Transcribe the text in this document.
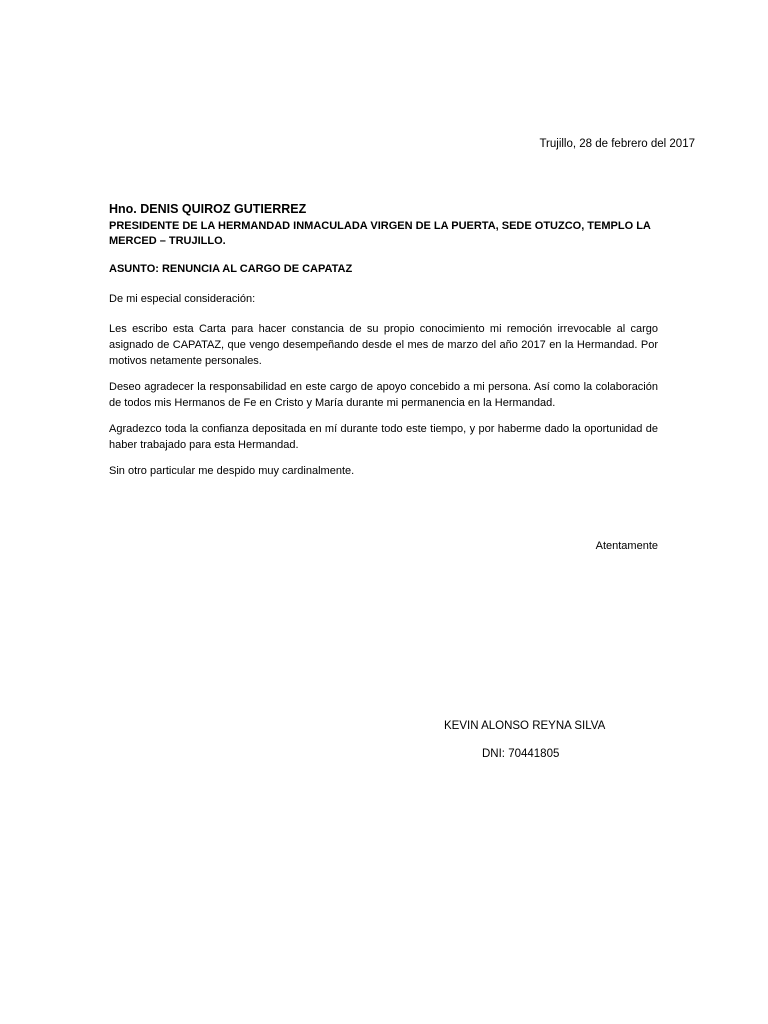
Trujillo, 28 de febrero del 2017

Hno. DENIS QUIROZ GUTIERREZ

PRESIDENTE DE LA HERMANDAD INMACULADA VIRGEN DE LA PUERTA, SEDE OTUZCO, TEMPLO LA MERCED – TRUJILLO.

ASUNTO: RENUNCIA AL CARGO DE CAPATAZ

De mi especial consideración:

Les escribo esta Carta para hacer constancia de su propio conocimiento mi remoción irrevocable al cargo asignado de CAPATAZ, que vengo desempeñando desde el mes de marzo del año 2017 en la Hermandad. Por motivos netamente personales.

Deseo agradecer la responsabilidad en este cargo de apoyo concebido a mi persona. Así como la colaboración de todos mis Hermanos de Fe en Cristo y María durante mi permanencia en la Hermandad.

Agradezco toda la confianza depositada en mí durante todo este tiempo, y por haberme dado la oportunidad de haber trabajado para esta Hermandad.

Sin otro particular me despido muy cardinalmente.

Atentamente

KEVIN ALONSO REYNA SILVA

DNI: 70441805
